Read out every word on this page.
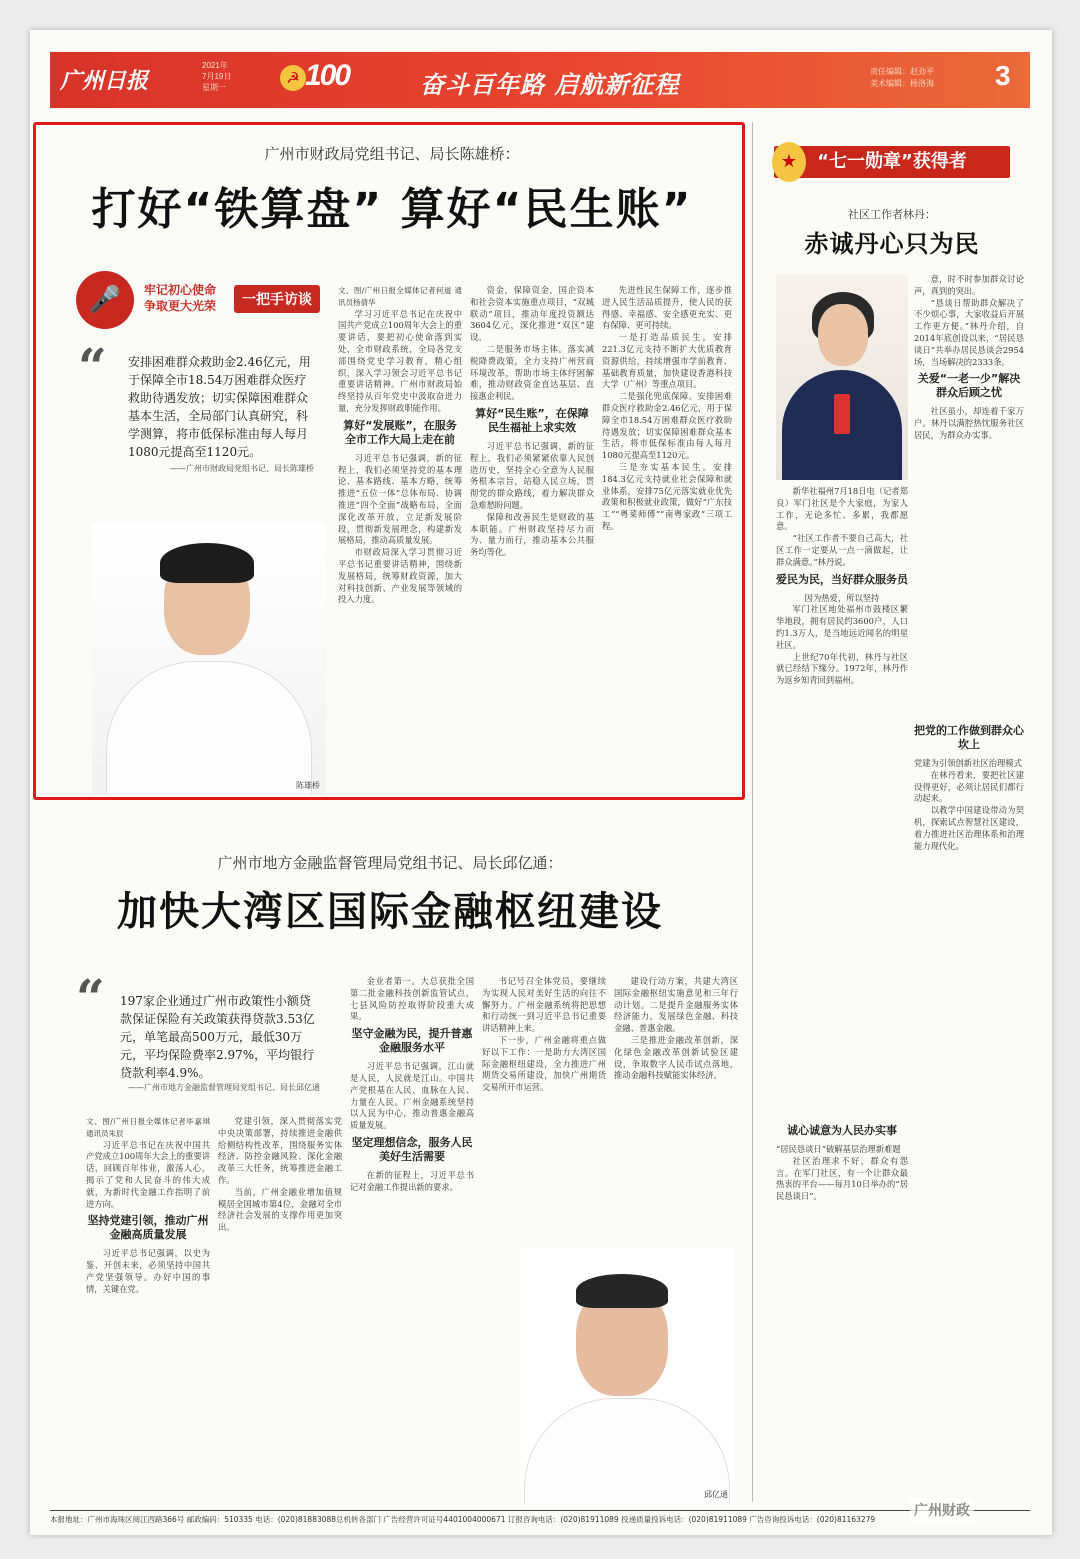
广州日报
2021年
7月19日
星期一
☭ 100	奋斗百年路 启航新征程	责任编辑：赵劲平
美术编辑：杨洛海 3
广州市财政局党组书记、局长陈雄桥：
打好“铁算盘” 算好“民生账”
🎤	牢记初心使命
争取更大光荣	一把手访谈
“ 安排困难群众救助金2.46亿元，用于保障全市18.54万困难群众医疗救助待遇发放；切实保障困难群众基本生活，全局部门认真研究，科学测算，将市低保标准由每人每月1080元提高至1120元。
——广州市财政局党组书记、局长陈雄桥
陈雄桥

文、图/广州日报全媒体记者何道 通讯员杨倩华

学习习近平总书记在庆祝中国共产党成立100周年大会上的重要讲话，要把初心使命落到实处，全市财政系统，全局各党支部围绕党史学习教育，精心组织，深入学习领会习近平总书记重要讲话精神。广州市财政局始终坚持从百年党史中汲取奋进力量，充分发挥财政职能作用。

算好“发展账”，在服务全市工作大局上走在前

习近平总书记强调，新的征程上，我们必须坚持党的基本理论、基本路线、基本方略，统筹推进“五位一体”总体布局、协调推进“四个全面”战略布局，全面深化改革开放，立足新发展阶段，贯彻新发展理念，构建新发展格局，推动高质量发展。

市财政局深入学习贯彻习近平总书记重要讲话精神，围绕新发展格局，统筹财政资源，加大对科技创新、产业发展等领域的投入力度。

资金，保障资金，国企资本和社会资本实施重点项目，“双城联动”项目，推动年度投资额达3604亿元，深化推进“双区”建设。

二是服务市场主体。落实减税降费政策，全力支持广州营商环境改革，帮助市场主体纾困解难，推动财政资金直达基层、直接惠企利民。

算好“民生账”，在保障民生福祉上求实效

习近平总书记强调，新的征程上，我们必须紧紧依靠人民创造历史，坚持全心全意为人民服务根本宗旨，站稳人民立场，贯彻党的群众路线，着力解决群众急难愁盼问题。

保障和改善民生是财政的基本职能。广州财政坚持尽力而为、量力而行，推动基本公共服务均等化。

先进性民生保障工作，逐步推进人民生活品质提升，使人民的获得感、幸福感、安全感更充实、更有保障、更可持续。

一是打造品质民生。安排221.3亿元支持不断扩大优质教育资源供给，持续增强市学前教育、基础教育质量，加快建设香港科技大学（广州）等重点项目。

二是强化兜底保障。安排困难群众医疗救助金2.46亿元，用于保障全市18.54万困难群众医疗救助待遇发放；切实保障困难群众基本生活，将市低保标准由每人每月1080元提高至1120元。

三是夯实基本民生。安排184.3亿元支持就业社会保障和就业体系，安排75亿元落实就业优先政策和积极就业政策，做好“广东技工”“粤菜师傅”“南粤家政”三项工程。

广州市地方金融监督管理局党组书记、局长邱亿通：
加快大湾区国际金融枢纽建设
“ 197家企业通过广州市政策性小额贷款保证保险有关政策获得贷款3.53亿元，单笔最高500万元，最低30万元，平均保险费率2.97%，平均银行贷款利率4.9%。
——广州市地方金融监督管理局党组书记、局长邱亿通

文、图/广州日报全媒体记者毕嘉琪 通讯员朱辰

习近平总书记在庆祝中国共产党成立100周年大会上的重要讲话，回顾百年伟业，激荡人心，揭示了党和人民奋斗的伟大成就，为新时代金融工作指明了前进方向。

坚持党建引领，推动广州金融高质量发展

习近平总书记强调，以史为鉴、开创未来，必须坚持中国共产党坚强领导。办好中国的事情，关键在党。

党建引领，深入贯彻落实党中央决策部署，持续推进金融供给侧结构性改革，围绕服务实体经济、防控金融风险、深化金融改革三大任务，统筹推进金融工作。

当前，广州金融业增加值规模居全国城市第4位，金融对全市经济社会发展的支撑作用更加突出。

金业者第一。大总获批全国第二批金融科技创新监管试点，七县风险防控取得阶段重大成果。

坚守金融为民，提升普惠金融服务水平

习近平总书记强调，江山就是人民，人民就是江山。中国共产党根基在人民、血脉在人民、力量在人民。广州金融系统坚持以人民为中心，推动普惠金融高质量发展。

坚定理想信念，服务人民美好生活需要

在新的征程上，习近平总书记对金融工作提出新的要求。

书记号召全体党员，要继续为实现人民对美好生活的向往不懈努力。广州金融系统将把思想和行动统一到习近平总书记重要讲话精神上来。

下一步，广州金融将重点做好以下工作：一是助力大湾区国际金融枢纽建设，全力推进广州期货交易所建设，加快广州期货交易所开市运营。

建设行动方案，共建大湾区国际金融枢纽实施意见和三年行动计划。二是提升金融服务实体经济能力，发展绿色金融、科技金融、普惠金融。

三是推进金融改革创新，深化绿色金融改革创新试验区建设，争取数字人民币试点落地，推动金融科技赋能实体经济。

邱亿通
“七一勋章”获得者
★
社区工作者林丹：
赤诚丹心只为民

意，时不时参加群众讨论声，真到的突出。

“恳谈日帮助群众解决了不少烦心事，大家收益后开展工作更方便。”林丹介绍，自2014年底创设以来，“居民恳谈日”共举办居民恳谈会2954场，当场解决的2333条。

关爱“一老一少”解决群众后顾之忧

社区虽小，却连着千家万户。林丹以满腔热忱服务社区居民，为群众办实事。

新华社福州7月18日电（记者郑良）军门社区是个大家庭，为家人工作，无论多忙、多累，我都愿意。

“社区工作者不要自己高大，社区工作一定要从一点一滴做起，让群众满意。”林丹说。

爱民为民，当好群众服务员

因为热爱，所以坚持

军门社区地处福州市鼓楼区繁华地段，拥有居民约3600户，人口约1.3万人，是当地远近闻名的明星社区。

上世纪70年代初，林丹与社区就已经结下缘分。1972年，林丹作为返乡知青回到福州。

把党的工作做到群众心坎上

党建为引领创新社区治理模式

在林丹看来，要把社区建设得更好，必须让居民们都行动起来。

以教学中国建设带动为契机，探索试点智慧社区建设，着力推进社区治理体系和治理能力现代化。

诚心诚意为人民办实事

“居民恳谈日”破解基层治理新难题

社区治理求不好，群众有怨言。在军门社区，有一个让群众最热衷的平台——每月10日举办的“居民恳谈日”。

本报地址：广州市海珠区阅江西路366号 邮政编码：510335 电话：(020)81883088总机转各部门 广告经营许可证号4401004000671 订报咨询电话：(020)81911089 投递质量投诉电话：(020)81911089 广告咨询投诉电话：(020)81163279
广州财政
